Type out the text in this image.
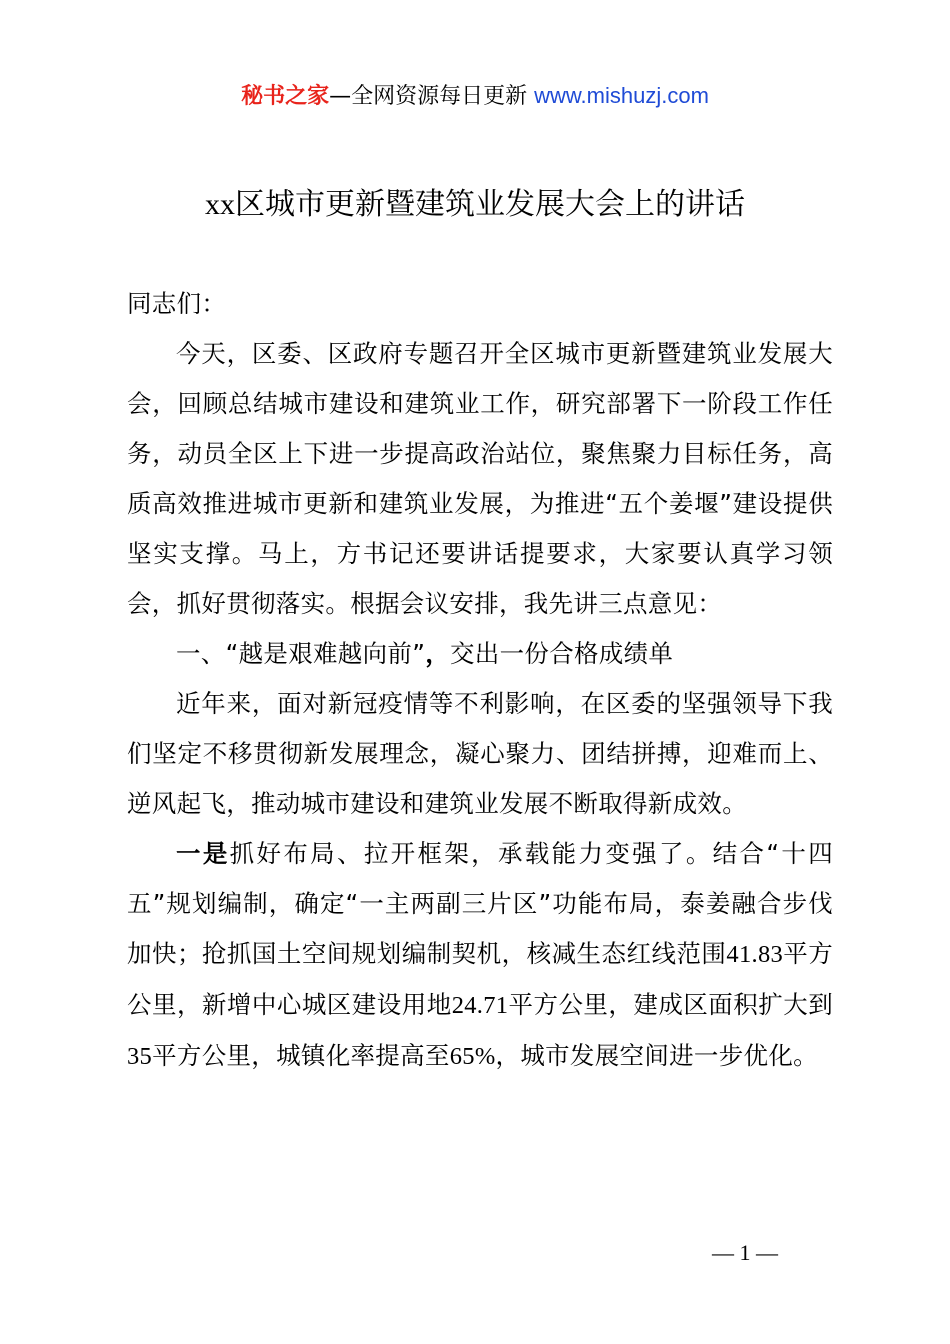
秘书之家—全网资源每日更新 www.mishuzj.com
xx区城市更新暨建筑业发展大会上的讲话

同志们：

今天，区委、区政府专题召开全区城市更新暨建筑业发展大会，回顾总结城市建设和建筑业工作，研究部署下一阶段工作任务，动员全区上下进一步提高政治站位，聚焦聚力目标任务，高质高效推进城市更新和建筑业发展，为推进“五个姜堰”建设提供坚实支撑。马上，方书记还要讲话提要求，大家要认真学习领会，抓好贯彻落实。根据会议安排，我先讲三点意见：

一、“越是艰难越向前”，交出一份合格成绩单

近年来，面对新冠疫情等不利影响，在区委的坚强领导下我们坚定不移贯彻新发展理念，凝心聚力、团结拼搏，迎难而上、逆风起飞，推动城市建设和建筑业发展不断取得新成效。

一是抓好布局、拉开框架，承载能力变强了。结合“十四五”规划编制，确定“一主两副三片区”功能布局，泰姜融合步伐加快；抢抓国土空间规划编制契机，核减生态红线范围41.83平方公里，新增中心城区建设用地24.71平方公里，建成区面积扩大到35平方公里，城镇化率提高至65%，城市发展空间进一步优化。

— 1 —
